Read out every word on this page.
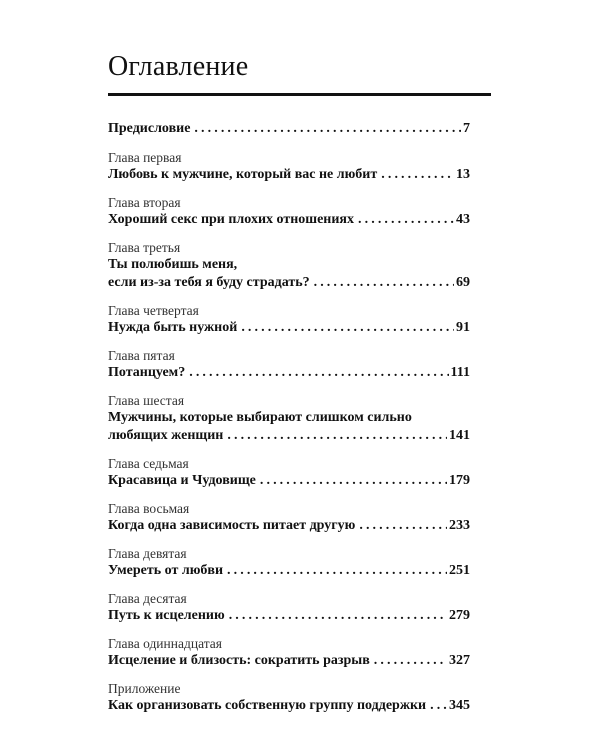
Оглавление
Предисловие . . .	7
Глава первая
Любовь к мужчине, который вас не любит . . .	13
Глава вторая
Хороший секс при плохих отношениях . . .	43
Глава третья
Ты полюбишь меня,
если из-за тебя я буду страдать? . . .	69
Глава четвертая
Нужда быть нужной . . .	91
Глава пятая
Потанцуем? . . .	111
Глава шестая
Мужчины, которые выбирают слишком сильно
любящих женщин . . .	141
Глава седьмая
Красавица и Чудовище . . .	179
Глава восьмая
Когда одна зависимость питает другую . . .	233
Глава девятая
Умереть от любви . . .	251
Глава десятая
Путь к исцелению . . .	279
Глава одиннадцатая
Исцеление и близость: сократить разрыв . . .	327
Приложение
Как организовать собственную группу поддержки . . . 345
